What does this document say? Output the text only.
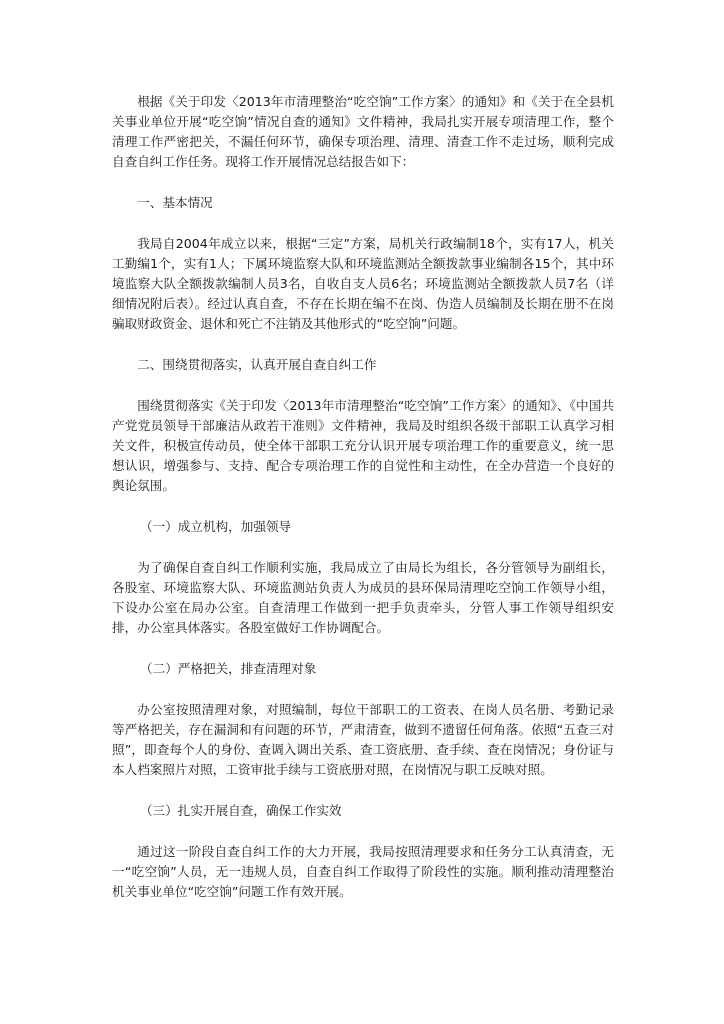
根据《关于印发〈2013年市清理整治“吃空饷”工作方案〉的通知》和《关于在全县机关事业单位开展“吃空饷”情况自查的通知》文件精神，我局扎实开展专项清理工作，整个清理工作严密把关，不漏任何环节，确保专项治理、清理、清查工作不走过场，顺利完成自查自纠工作任务。现将工作开展情况总结报告如下：

一、基本情况

我局自2004年成立以来，根据“三定”方案，局机关行政编制18个，实有17人，机关工勤编1个，实有1人；下属环境监察大队和环境监测站全额拨款事业编制各15个，其中环境监察大队全额拨款编制人员3名，自收自支人员6名；环境监测站全额拨款人员7名（详细情况附后表）。经过认真自查，不存在长期在编不在岗、伪造人员编制及长期在册不在岗骗取财政资金、退休和死亡不注销及其他形式的“吃空饷”问题。

二、围绕贯彻落实，认真开展自查自纠工作

围绕贯彻落实《关于印发〈2013年市清理整治“吃空饷”工作方案〉的通知》、《中国共产党党员领导干部廉洁从政若干准则》文件精神，我局及时组织各级干部职工认真学习相关文件，积极宣传动员，使全体干部职工充分认识开展专项治理工作的重要意义，统一思想认识，增强参与、支持、配合专项治理工作的自觉性和主动性，在全办营造一个良好的舆论氛围。

（一）成立机构，加强领导

为了确保自查自纠工作顺利实施，我局成立了由局长为组长，各分管领导为副组长，各股室、环境监察大队、环境监测站负责人为成员的县环保局清理吃空饷工作领导小组，下设办公室在局办公室。自查清理工作做到一把手负责牵头，分管人事工作领导组织安排，办公室具体落实。各股室做好工作协调配合。

（二）严格把关，排查清理对象

办公室按照清理对象，对照编制，每位干部职工的工资表、在岗人员名册、考勤记录等严格把关，存在漏洞和有问题的环节，严肃清查，做到不遗留任何角落。依照“五查三对照”，即查每个人的身份、查调入调出关系、查工资底册、查手续、查在岗情况；身份证与本人档案照片对照，工资审批手续与工资底册对照，在岗情况与职工反映对照。

（三）扎实开展自查，确保工作实效

通过这一阶段自查自纠工作的大力开展，我局按照清理要求和任务分工认真清查，无一“吃空饷”人员，无一违规人员，自查自纠工作取得了阶段性的实施。顺利推动清理整治机关事业单位“吃空饷”问题工作有效开展。
